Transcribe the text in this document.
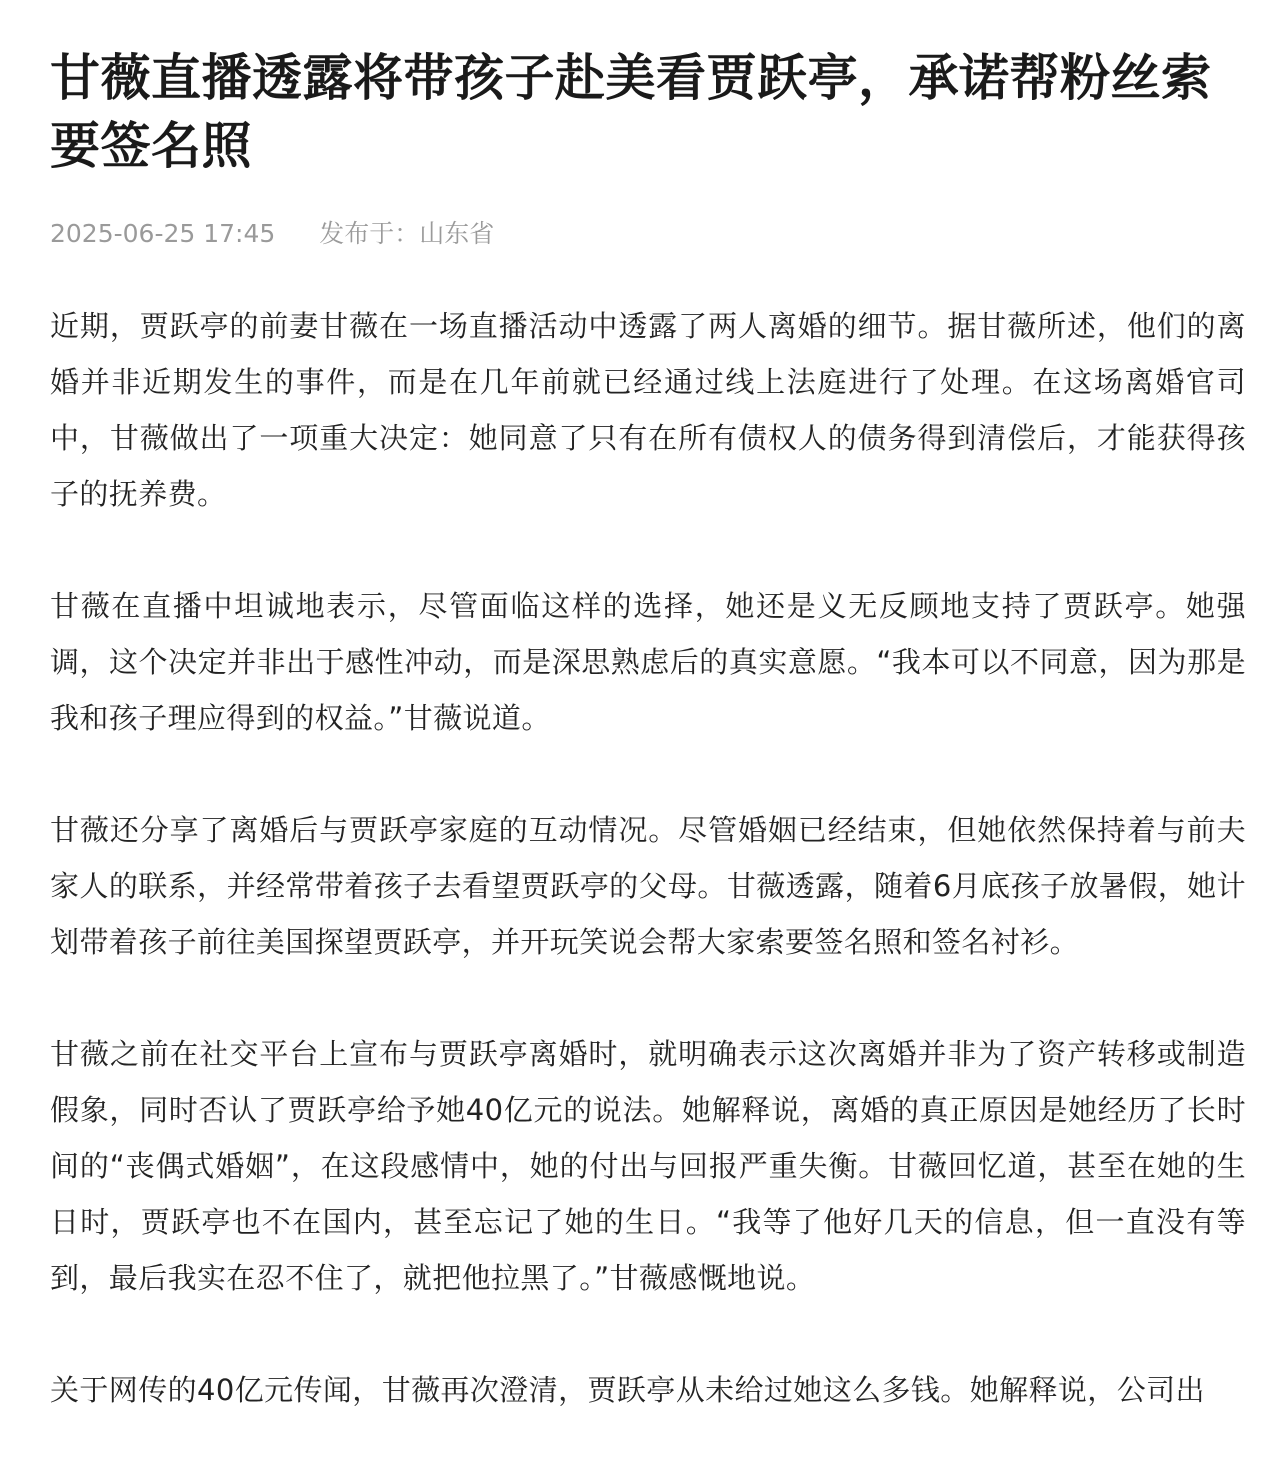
甘薇直播透露将带孩子赴美看贾跃亭，承诺帮粉丝索要签名照
2025-06-25 17:45 发布于：山东省

近期，贾跃亭的前妻甘薇在一场直播活动中透露了两人离婚的细节。据甘薇所述，他们的离婚并非近期发生的事件，而是在几年前就已经通过线上法庭进行了处理。在这场离婚官司中，甘薇做出了一项重大决定：她同意了只有在所有债权人的债务得到清偿后，才能获得孩子的抚养费。

甘薇在直播中坦诚地表示，尽管面临这样的选择，她还是义无反顾地支持了贾跃亭。她强调，这个决定并非出于感性冲动，而是深思熟虑后的真实意愿。“我本可以不同意，因为那是我和孩子理应得到的权益。”甘薇说道。

甘薇还分享了离婚后与贾跃亭家庭的互动情况。尽管婚姻已经结束，但她依然保持着与前夫家人的联系，并经常带着孩子去看望贾跃亭的父母。甘薇透露，随着6月底孩子放暑假，她计划带着孩子前往美国探望贾跃亭，并开玩笑说会帮大家索要签名照和签名衬衫。

甘薇之前在社交平台上宣布与贾跃亭离婚时，就明确表示这次离婚并非为了资产转移或制造假象，同时否认了贾跃亭给予她40亿元的说法。她解释说，离婚的真正原因是她经历了长时间的“丧偶式婚姻”，在这段感情中，她的付出与回报严重失衡。甘薇回忆道，甚至在她的生日时，贾跃亭也不在国内，甚至忘记了她的生日。“我等了他好几天的信息，但一直没有等到，最后我实在忍不住了，就把他拉黑了。”甘薇感慨地说。

关于网传的40亿元传闻，甘薇再次澄清，贾跃亭从未给过她这么多钱。她解释说，公司出
